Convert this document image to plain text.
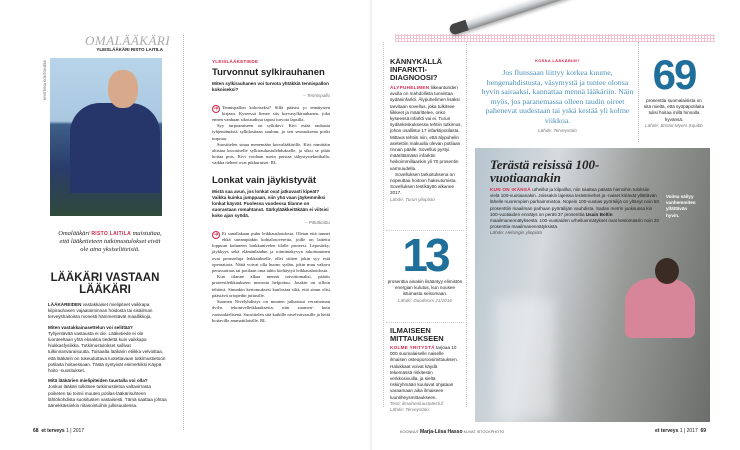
OMALÄÄKÄRI
YLEISLÄÄKÄRI RISTO LAITILA
KRISTIINA KONTONIEMI
Omalääkäri RISTO LAITILA muistuttaa, että lääketieteen tutkimustulokset eivät ole aina yksiselitteisiä.
LÄÄKÄRI VASTAAN LÄÄKÄRI

LÄÄKÄREIDEN vastakkaiset mielipiteet vaikkapa kilpirauhasen vajaatoiminnan hoidosta tai sisäilman terveyshaitoista monesti hämmentävät maallikkoja.

Miten vastakkainasettelun voi selittää?

Tyhjentävää vastausta ei ole. Lääketiede ei ole luonteeltaan yhtä eksaktia tiedettä kuin vaikkapa hiukkasfysiikka. Tutkimustulokset sallivat tulkinnanvaraisuutta. Toisaalta lääkärin etiikka velvoittaa, että lääkärin on tukeuduttava luotettavaan tutkimustietoon potilaita hoitaessaan. Tästä syntyivät esimerkiksi Käypä hoito -suositukset.

Mitä lääkärien mielipiteiden taustalla voi olla?

Joskus lääkäri tulkitsee tutkimustietoa valtavirrasta poiketen tai toimii muuten potilas-lääkärisuhteen lähtökohdista suositusten vastaisesti. Tämä saattaa johtaa äänekkäisiinkin riitasointuihin julkisuudessa.

68 et terveys 1 | 2017
YLEISLÄÄKETIEDE
Turvonnut sylkirauhanen

Miten sylkirauhanen voi turvota yhtäkkiä tennispallon kokoiseksi?

– Tennispallo

➔ Tennispallon kokoiseksi? Sillä pääsisi jo ennätysten kirjaan. Kyseessä lienee siis korvasylkirauhanen, joka ennen vanhaan sikotaudissa tapasi turvota lapsilla.

Syy turpoamiseen on sylkikivi. Kivi estää rauhasta tyhjentämästä sylkilastiaan suuhun, ja sen seurauksena poski turpoaa.

Suosittelen sinua menemään korvalääkärille. Kivi nimittäin altistaa krooniselle sylkirauhastulehdukselle, ja siksi se pitää hoitaa pois. Kivi voidaan usein poistaa tähystystekniikalla, vaikka tieheet ovat pikkuruiset. RL

Lonkat vain jäykistyvät

Mistä saa avun, jos lonkat ovat jatkuvasti kipeät? Vaikka kuinka jumppaan, niin yhä vaan jäykemmiksi lonkat käyvät. Puolessa vuodessa tilanne on suorastaan romahtanut. Särkylääkkeitäkään ei viitsisi koko ajan syödä.

– Pitkäkoittu

➔ Et sanallakaan puhu leikkaushoidosta. Oletan että tunnet ehkä useampiakin kohtalotovereita, joille on laitettu loppuun kuluneen lonkkanivelen tilalle proteesi. Leposärky, jäykkyys sekä elämänlaadun ja toimintakyvyn rakoituminen ovat perusteluja leikkaukselle, ellei siitten jokin syy estä operaatiota. Näitä voivat olla huono sydän, jokin muu vakava perussairaus tai potilaan oma tahto kieltäytyä leikkaushoidosta.

Kun tilanne alkaa mennä toivottomaksi, päätös proteesileikkaukseen menosta helpottuu. Jotakin on silloin tehtävä. Sinunkin kertomuksesi kuulostaa siltä, että sinun olisi päästävä ortopedin juttusille.

Suomen Nivelyhdistys on muuten julkaissut verrattoman dvd:n tekonivelleikkauksesta, niin suomen- kuin ruotsinkielisenä. Suosittelen sitä kaikille nivelvaivaisille ja heitä hoitaville ammattilaisille. RL

KÄNNYKÄLLÄ INFARKTI-DIAGNOOSI?

ÄLYPUHELIMEN liikeanturiden avulla on mahdollista tunnistaa sydäninfarkti. Älypuhelimen lisäksi tarvitaan sovellus, joka tulkitsee liikkeet ja määrittelee, onko kyseessä infarkti vai ei. Turun sydänkeskuksessa tehtiin tutkimus, johon osallistui 17 infarktipotilasta. Mittaus tehtiin niin, että älypuhelin asetettiin makuulla olevan potilaan rinnan päälle. Sovellus pystyi määrittämään infarktin heikoimmillaankin yli 70 prosentin varmuudella.

Sovelluksen tarkoituksena on nopeuttaa hoitoon hakeutumista. Sovelluksen testikäyttö alkanee 2017.

Lähde: Turun yliopisto

13

prosenttia ainakin lisääntyy elimistön energian kulutus, kun nousee istumasta seisomaan.

Lähde: Duodecim 21/2016

ILMAISEEN MITTAUKSEEN

KOLME YRITYSTÄ tarjoaa 10 000 suomalaiselle naiselle ilmaisen osteoporoosimittauksen. Halukkaat voivat käydä tekemässä riskitestin verkkosivuilla, ja sieltä riskiryhmään kuuluvat ohjataan varaamaan aika ilmaiseen luuntiheysmittaukseen.

Testi: ilmainenluustotesti.fi

Lähde: Terveystalo.

KOSKA LÄÄKÄRIIN?

Jos flunssaan liittyy korkea kuume, hengenahdistusta, väsymystä ja tuntee olonsa hyvin sairaaksi, kannattaa mennä lääkäriin. Näin myös, jos paranemassa olleen taudin oireet pahenevat uudestaan tai yskä kestää yli kolme viikkoa.

Lähde: Terveystalo

69

prosenttia suomalaisista on sitä mieltä, että syöpäpotilaita tulisi hoitaa millä hinnalla hyvänsä.

Lähde: Bristol-Myers Squibb

Terästä reisissä 100-vuotiaanakin

KUN ON IKÄNSÄ urheillut ja kilpaillut, niin saattaa päästä hienoihin tuloksiin vielä 100-vuotiaanakin. Joissakin lajeissa terästmiehet ja -naiset kiriävät yllättävän lähelle nuorempien parhaimmistoa. Nopein 100-vuotias pyöräilijä on yltänyt noin 50 prosenttiin maailman parhaan pyöräilijän vauhdista. Sadan metrin juoksussa kin 100-vuotiaiden ennätys on peräti 37 prosenttia Usain Boltin maailmanennätyksestä. 100-vuotiaiden urheiluennätykset ovat keskimäärin noin 20 prosenttia maailmanennätyksistä.

Lähde: Helsingin yliopisto

Voima säilyy vanhemmiten yllättävän hyvin.
KOONNUT Marja-Liisa Hasso KUVAT ISTOCKPHOTO	et terveys 1 | 2017 69
